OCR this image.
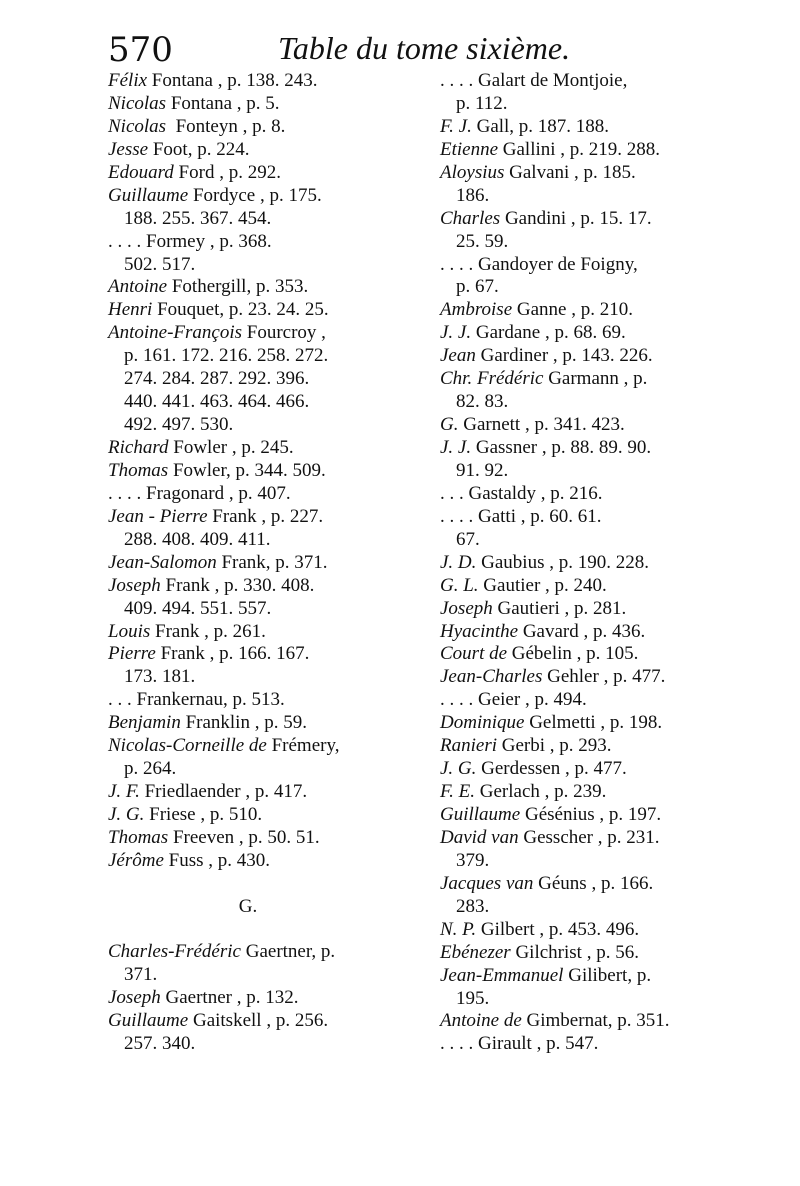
570	Table du tome sixième.
Félix Fontana , p. 138. 243.
Nicolas Fontana , p. 5.
Nicolas  Fonteyn , p. 8.
Jesse Foot, p. 224.
Edouard Ford , p. 292.
Guillaume Fordyce , p. 175.
188. 255. 367. 454.
. . . . Formey , p. 368.
502. 517.
Antoine Fothergill, p. 353.
Henri Fouquet, p. 23. 24. 25.
Antoine-François Fourcroy ,
p. 161. 172. 216. 258. 272.
274. 284. 287. 292. 396.
440. 441. 463. 464. 466.
492. 497. 530.
Richard Fowler , p. 245.
Thomas Fowler, p. 344. 509.
. . . . Fragonard , p. 407.
Jean - Pierre Frank , p. 227.
288. 408. 409. 411.
Jean-Salomon Frank, p. 371.
Joseph Frank , p. 330. 408.
409. 494. 551. 557.
Louis Frank , p. 261.
Pierre Frank , p. 166. 167.
173. 181.
. . . Frankernau, p. 513.
Benjamin Franklin , p. 59.
Nicolas-Corneille de Frémery,
p. 264.
J. F. Friedlaender , p. 417.
J. G. Friese , p. 510.
Thomas Freeven , p. 50. 51.
Jérôme Fuss , p. 430.
G.
Charles-Frédéric Gaertner, p.
371.
Joseph Gaertner , p. 132.
Guillaume Gaitskell , p. 256.
257. 340.
. . . . Galart de Montjoie,
p. 112.
F. J. Gall, p. 187. 188.
Etienne Gallini , p. 219. 288.
Aloysius Galvani , p. 185.
186.
Charles Gandini , p. 15. 17.
25. 59.
. . . . Gandoyer de Foigny,
p. 67.
Ambroise Ganne , p. 210.
J. J. Gardane , p. 68. 69.
Jean Gardiner , p. 143. 226.
Chr. Frédéric Garmann , p.
82. 83.
G. Garnett , p. 341. 423.
J. J. Gassner , p. 88. 89. 90.
91. 92.
. . . Gastaldy , p. 216.
. . . . Gatti , p. 60. 61.
67.
J. D. Gaubius , p. 190. 228.
G. L. Gautier , p. 240.
Joseph Gautieri , p. 281.
Hyacinthe Gavard , p. 436.
Court de Gébelin , p. 105.
Jean-Charles Gehler , p. 477.
. . . . Geier , p. 494.
Dominique Gelmetti , p. 198.
Ranieri Gerbi , p. 293.
J. G. Gerdessen , p. 477.
F. E. Gerlach , p. 239.
Guillaume Gésénius , p. 197.
David van Gesscher , p. 231.
379.
Jacques van Géuns , p. 166.
283.
N. P. Gilbert , p. 453. 496.
Ebénezer Gilchrist , p. 56.
Jean-Emmanuel Gilibert, p.
195.
Antoine de Gimbernat, p. 351.
. . . . Girault , p. 547.
